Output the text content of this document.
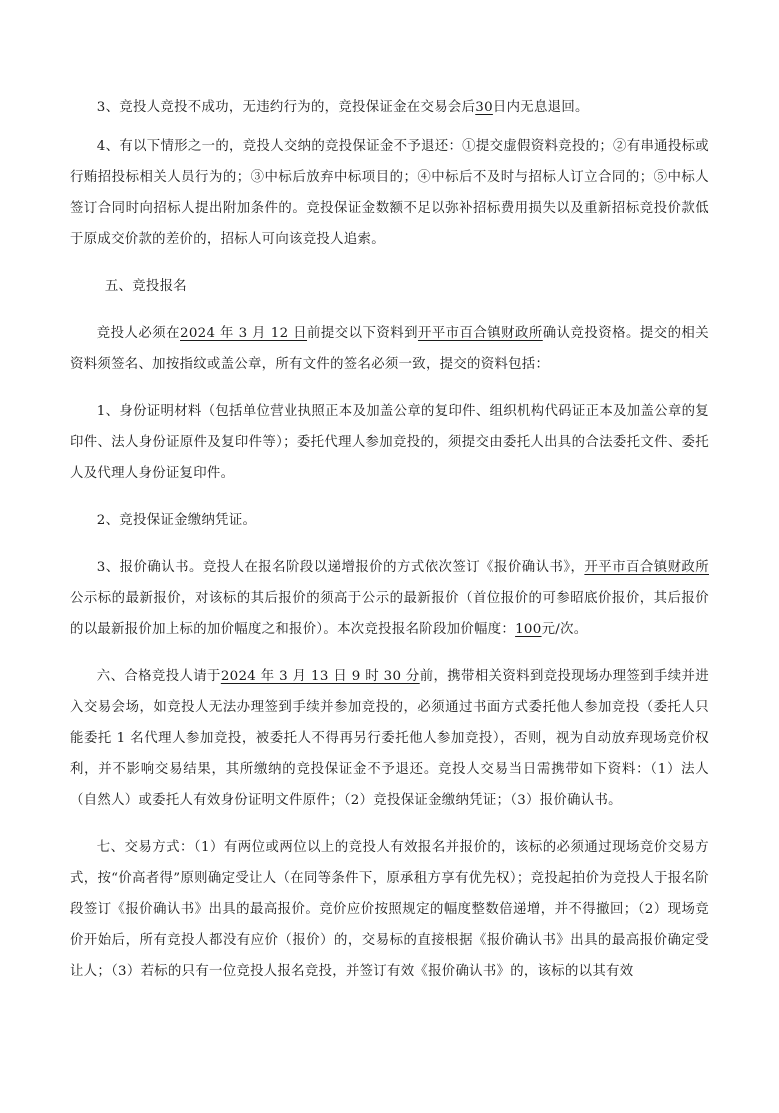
3、竞投人竞投不成功，无违约行为的，竞投保证金在交易会后30日内无息退回。

4、有以下情形之一的，竞投人交纳的竞投保证金不予退还：①提交虚假资料竞投的；②有串通投标或行贿招投标相关人员行为的；③中标后放弃中标项目的；④中标后不及时与招标人订立合同的；⑤中标人签订合同时向招标人提出附加条件的。竞投保证金数额不足以弥补招标费用损失以及重新招标竞投价款低于原成交价款的差价的，招标人可向该竞投人追索。

五、竞投报名

竞投人必须在2024 年 3 月 12 日前提交以下资料到开平市百合镇财政所确认竞投资格。提交的相关资料须签名、加按指纹或盖公章，所有文件的签名必须一致，提交的资料包括：

1、身份证明材料（包括单位营业执照正本及加盖公章的复印件、组织机构代码证正本及加盖公章的复印件、法人身份证原件及复印件等）；委托代理人参加竞投的，须提交由委托人出具的合法委托文件、委托人及代理人身份证复印件。

2、竞投保证金缴纳凭证。

3、报价确认书。竞投人在报名阶段以递增报价的方式依次签订《报价确认书》，开平市百合镇财政所公示标的最新报价，对该标的其后报价的须高于公示的最新报价（首位报价的可参昭底价报价，其后报价的以最新报价加上标的加价幅度之和报价）。本次竞投报名阶段加价幅度：100元/次。

六、合格竞投人请于2024 年 3 月 13 日 9 时 30 分前，携带相关资料到竞投现场办理签到手续并进入交易会场，如竞投人无法办理签到手续并参加竞投的，必须通过书面方式委托他人参加竞投（委托人只能委托 1 名代理人参加竞投，被委托人不得再另行委托他人参加竞投），否则，视为自动放弃现场竞价权利，并不影响交易结果，其所缴纳的竞投保证金不予退还。竞投人交易当日需携带如下资料：（1）法人（自然人）或委托人有效身份证明文件原件；（2）竞投保证金缴纳凭证；（3）报价确认书。

七、交易方式：（1）有两位或两位以上的竞投人有效报名并报价的，该标的必须通过现场竞价交易方式，按“价高者得”原则确定受让人（在同等条件下，原承租方享有优先权）；竞投起拍价为竞投人于报名阶段签订《报价确认书》出具的最高报价。竞价应价按照规定的幅度整数倍递增，并不得撤回；（2）现场竞价开始后，所有竞投人都没有应价（报价）的，交易标的直接根据《报价确认书》出具的最高报价确定受让人；（3）若标的只有一位竞投人报名竞投，并签订有效《报价确认书》的，该标的以其有效
